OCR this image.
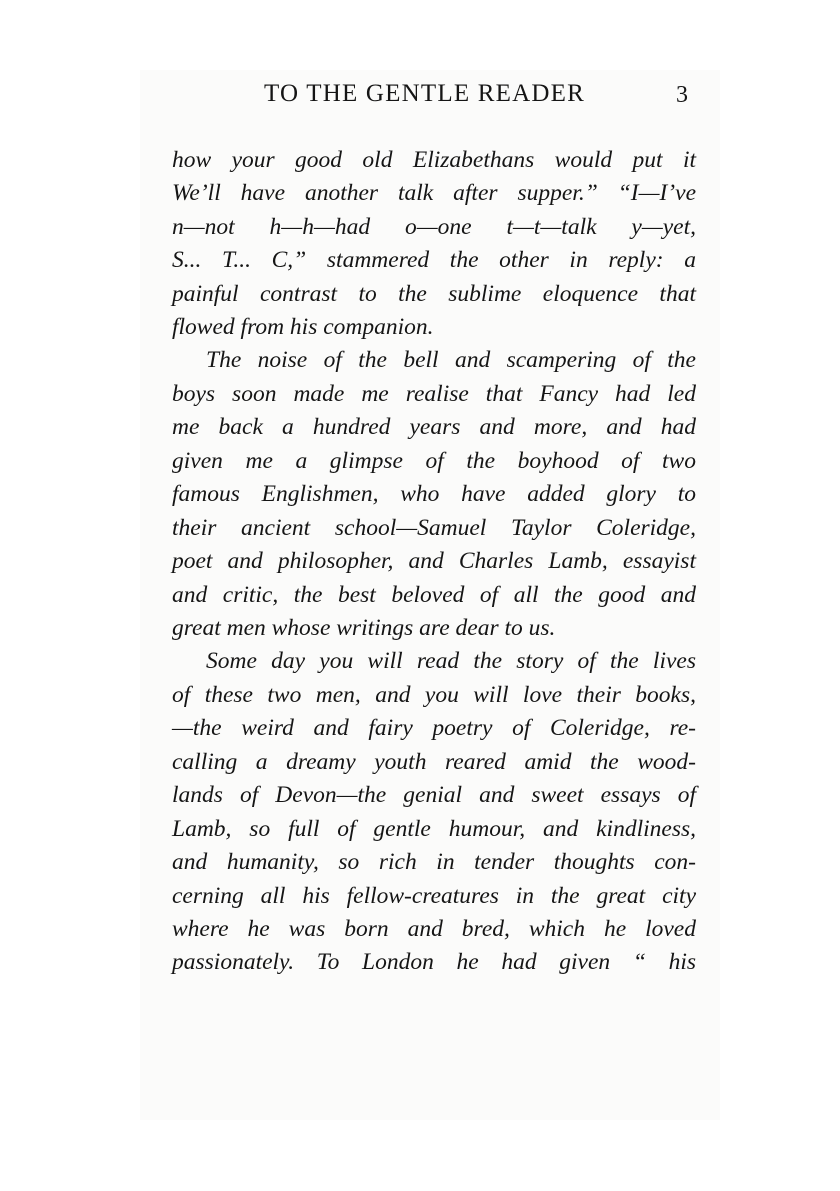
TO THE GENTLE READER	3
how your good old Elizabethans would put it
We’ll have another talk after supper.” “I—I’ve
n—not h—h—had o—one t—t—talk y—yet,
S... T... C,” stammered the other in reply: a
painful contrast to the sublime eloquence that
flowed from his companion.
The noise of the bell and scampering of the
boys soon made me realise that Fancy had led
me back a hundred years and more, and had
given me a glimpse of the boyhood of two
famous Englishmen, who have added glory to
their ancient school—Samuel Taylor Coleridge,
poet and philosopher, and Charles Lamb, essayist
and critic, the best beloved of all the good and
great men whose writings are dear to us.
Some day you will read the story of the lives
of these two men, and you will love their books,
—the weird and fairy poetry of Coleridge, re-
calling a dreamy youth reared amid the wood-
lands of Devon—the genial and sweet essays of
Lamb, so full of gentle humour, and kindliness,
and humanity, so rich in tender thoughts con-
cerning all his fellow-creatures in the great city
where he was born and bred, which he loved
passionately. To London he had given “ his
